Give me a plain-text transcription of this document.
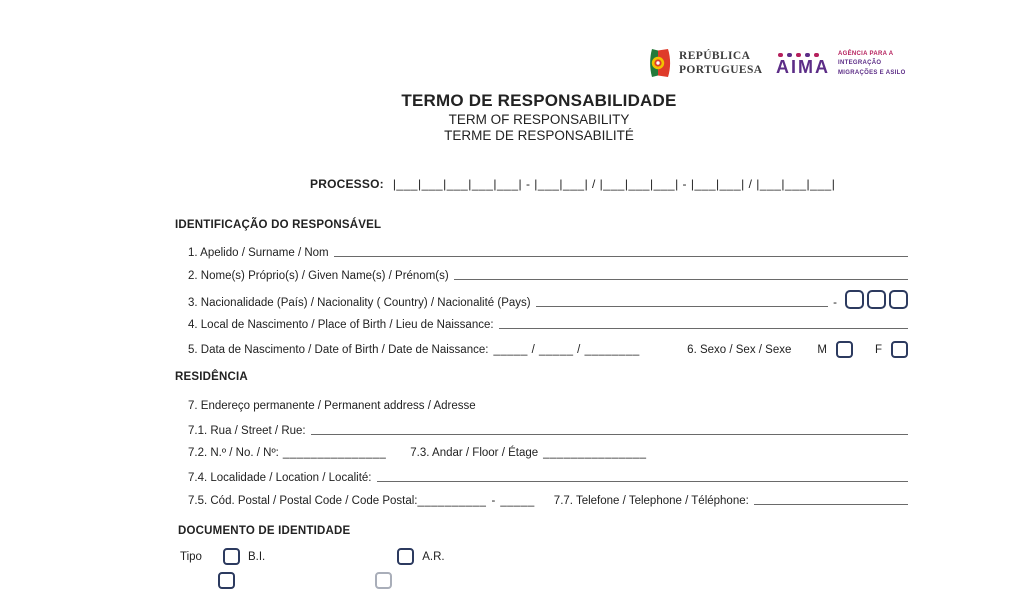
REPÚBLICA
PORTUGUESA AIMA
AGÊNCIA PARA A
INTEGRAÇÃO
MIGRAÇÕES E ASILO
TERMO DE RESPONSABILIDADE
TERM OF RESPONSABILITY
TERME DE RESPONSABILITÉ
PROCESSO: |___|___|___|___|___| - |___|___| / |___|___|___| - |___|___| / |___|___|___|
IDENTIFICAÇÃO DO RESPONSÁVEL
1. Apelido / Surname / Nom
2. Nome(s) Próprio(s) / Given Name(s) / Prénom(s)
3. Nacionalidade (País) / Nacionality ( Country) / Nacionalité (Pays)	-
4. Local de Nascimento / Place of Birth / Lieu de Naissance:
5. Data de Nascimento / Date of Birth / Date de Naissance: _____ / _____ / ________	6. Sexo / Sex / Sexe M	F
RESIDÊNCIA
7. Endereço permanente / Permanent address / Adresse
7.1. Rua / Street / Rue:
7.2. N.º / No. / Nº: _______________ 7.3. Andar / Floor / Étage _______________
7.4. Localidade / Location / Localité:
7.5. Cód. Postal / Postal Code / Code Postal: __________ - _____ 7.7. Telefone / Telephone / Téléphone:
DOCUMENTO DE IDENTIDADE
Tipo	B.I.	A.R.
